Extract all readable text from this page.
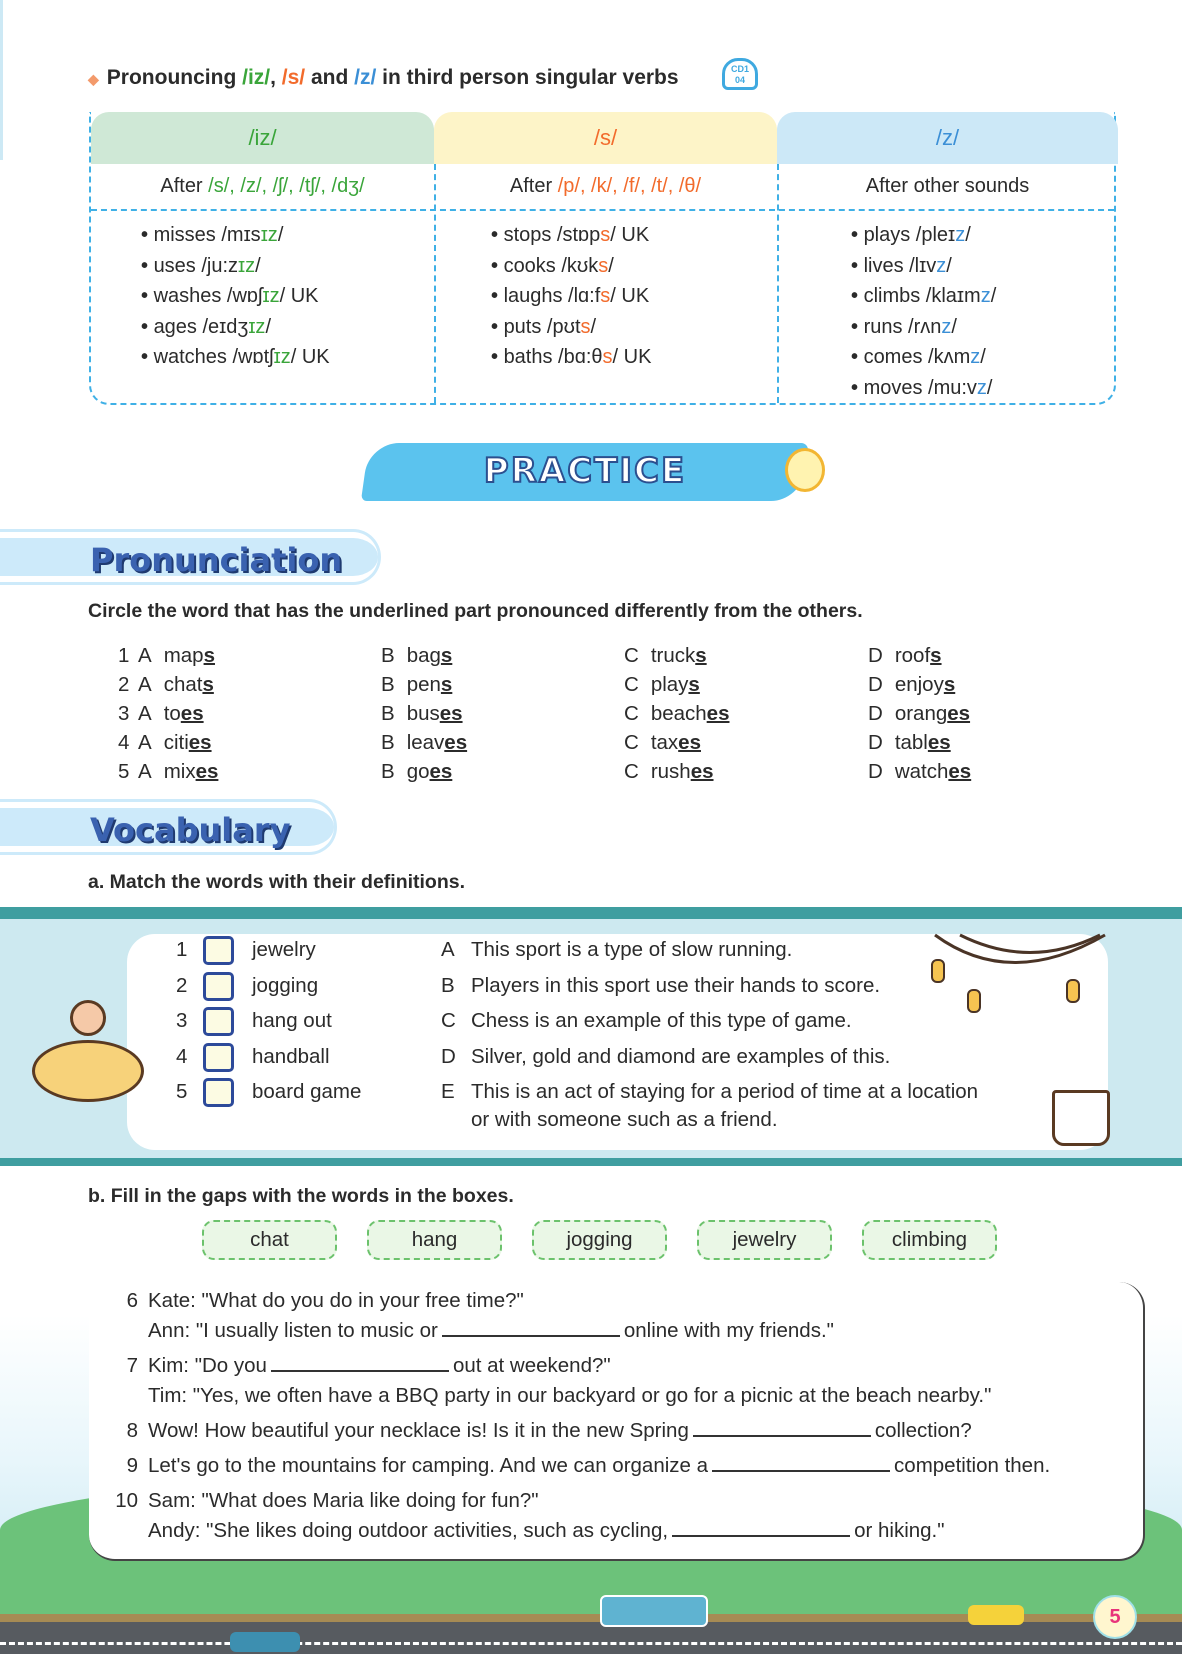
◆ Pronouncing /iz/, /s/ and /z/ in third person singular verbs	CD1
04
/iz/	/s/	/z/
After /s/, /z/, /ʃ/, /tʃ/, /dʒ/	After /p/, /k/, /f/, /t/, /θ/	After other sounds
• misses /mɪsɪz/
• uses /ju:zɪz/
• washes /wɒʃɪz/ UK
• ages /eɪdʒɪz/
• watches /wɒtʃɪz/ UK
• stops /stɒps/ UK
• cooks /kʊks/
• laughs /lɑ:fs/ UK
• puts /pʊts/
• baths /bɑ:θs/ UK
• plays /pleɪz/
• lives /lɪvz/
• climbs /klaɪmz/
• runs /rʌnz/
• comes /kʌmz/
• moves /mu:vz/
PRACTICE
Pronunciation
Circle the word that has the underlined part pronounced differently from the others.
1 A maps	B bags	C trucks	D roofs
2 A chats	B pens	C plays	D enjoys
3 A toes	B buses	C beaches	D oranges
4 A cities	B leaves	C taxes	D tables
5 A mixes	B goes	C rushes	D watches
Vocabulary
a. Match the words with their definitions.
1	jewelry
2	jogging
3	hang out
4	handball
5	board game
A This sport is a type of slow running.
B Players in this sport use their hands to score.
C Chess is an example of this type of game.
D Silver, gold and diamond are examples of this.
E This is an act of staying for a period of time at a location
or with someone such as a friend.
b. Fill in the gaps with the words in the boxes.
chat	hang	jogging	jewelry	climbing
6 Kate: "What do you do in your free time?"
Ann: "I usually listen to music or	online with my friends."
7 Kim: "Do you	out at weekend?"
Tim: "Yes, we often have a BBQ party in our backyard or go for a picnic at the beach nearby."
8 Wow! How beautiful your necklace is! Is it in the new Spring	collection?
9 Let's go to the mountains for camping. And we can organize a	competition then.
10 Sam: "What does Maria like doing for fun?"
Andy: "She likes doing outdoor activities, such as cycling,	or hiking."
5
